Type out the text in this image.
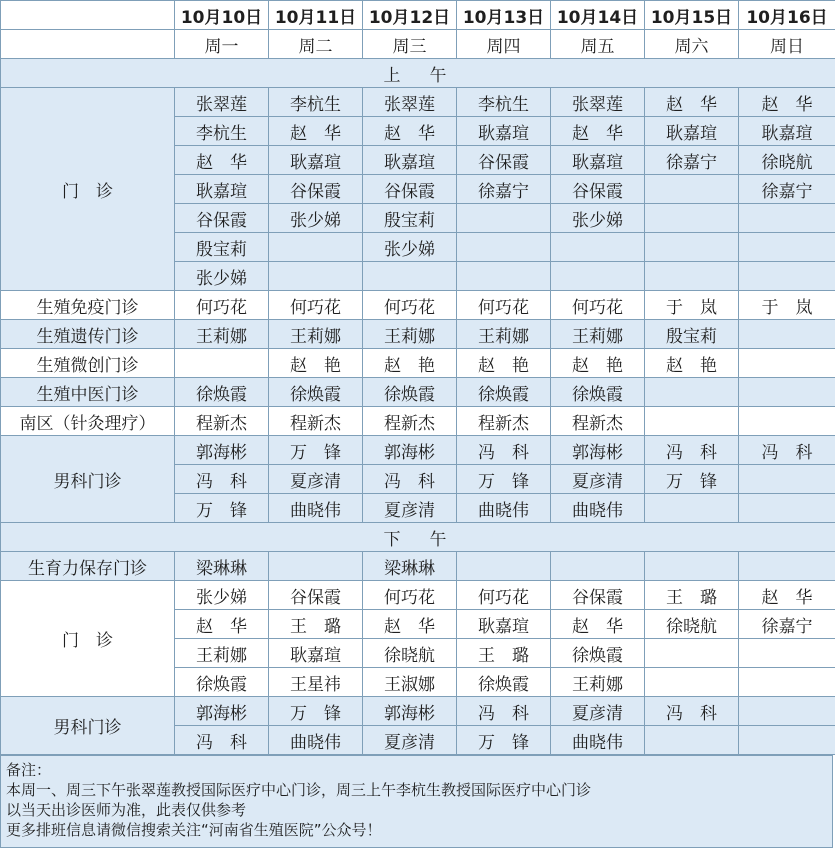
	10月10日	10月11日	10月12日	10月13日	10月14日	10月15日	10月16日
	周一	周二	周三	周四	周五	周六	周日
上　午							
门　诊	张翠莲	李杭生	张翠莲	李杭生	张翠莲	赵　华	赵　华
	李杭生	赵　华	赵　华	耿嘉瑄	赵　华	耿嘉瑄	耿嘉瑄
	赵　华	耿嘉瑄	耿嘉瑄	谷保霞	耿嘉瑄	徐嘉宁	徐晓航
	耿嘉瑄	谷保霞	谷保霞	徐嘉宁	谷保霞		徐嘉宁
	谷保霞	张少娣	殷宝莉		张少娣		
	殷宝莉		张少娣				
	张少娣						
生殖免疫门诊	何巧花	何巧花	何巧花	何巧花	何巧花	于　岚	于　岚
生殖遗传门诊	王莉娜	王莉娜	王莉娜	王莉娜	王莉娜	殷宝莉	
生殖微创门诊		赵　艳	赵　艳	赵　艳	赵　艳	赵　艳	
生殖中医门诊	徐焕霞	徐焕霞	徐焕霞	徐焕霞	徐焕霞		
南区（针灸理疗）	程新杰	程新杰	程新杰	程新杰	程新杰		
男科门诊	郭海彬	万　锋	郭海彬	冯　科	郭海彬	冯　科	冯　科
	冯　科	夏彦清	冯　科	万　锋	夏彦清	万　锋	
	万　锋	曲晓伟	夏彦清	曲晓伟	曲晓伟		
下　午							
生育力保存门诊	梁琳琳		梁琳琳				
门　诊	张少娣	谷保霞	何巧花	何巧花	谷保霞	王　璐	赵　华
	赵　华	王　璐	赵　华	耿嘉瑄	赵　华	徐晓航	徐嘉宁
	王莉娜	耿嘉瑄	徐晓航	王　璐	徐焕霞		
	徐焕霞	王星祎	王淑娜	徐焕霞	王莉娜		
男科门诊	郭海彬	万　锋	郭海彬	冯　科	夏彦清	冯　科	
	冯　科	曲晓伟	夏彦清	万　锋	曲晓伟		
备注：
本周一、周三下午张翠莲教授国际医疗中心门诊，周三上午李杭生教授国际医疗中心门诊
以当天出诊医师为准，此表仅供参考
更多排班信息请微信搜索关注“河南省生殖医院”公众号！
